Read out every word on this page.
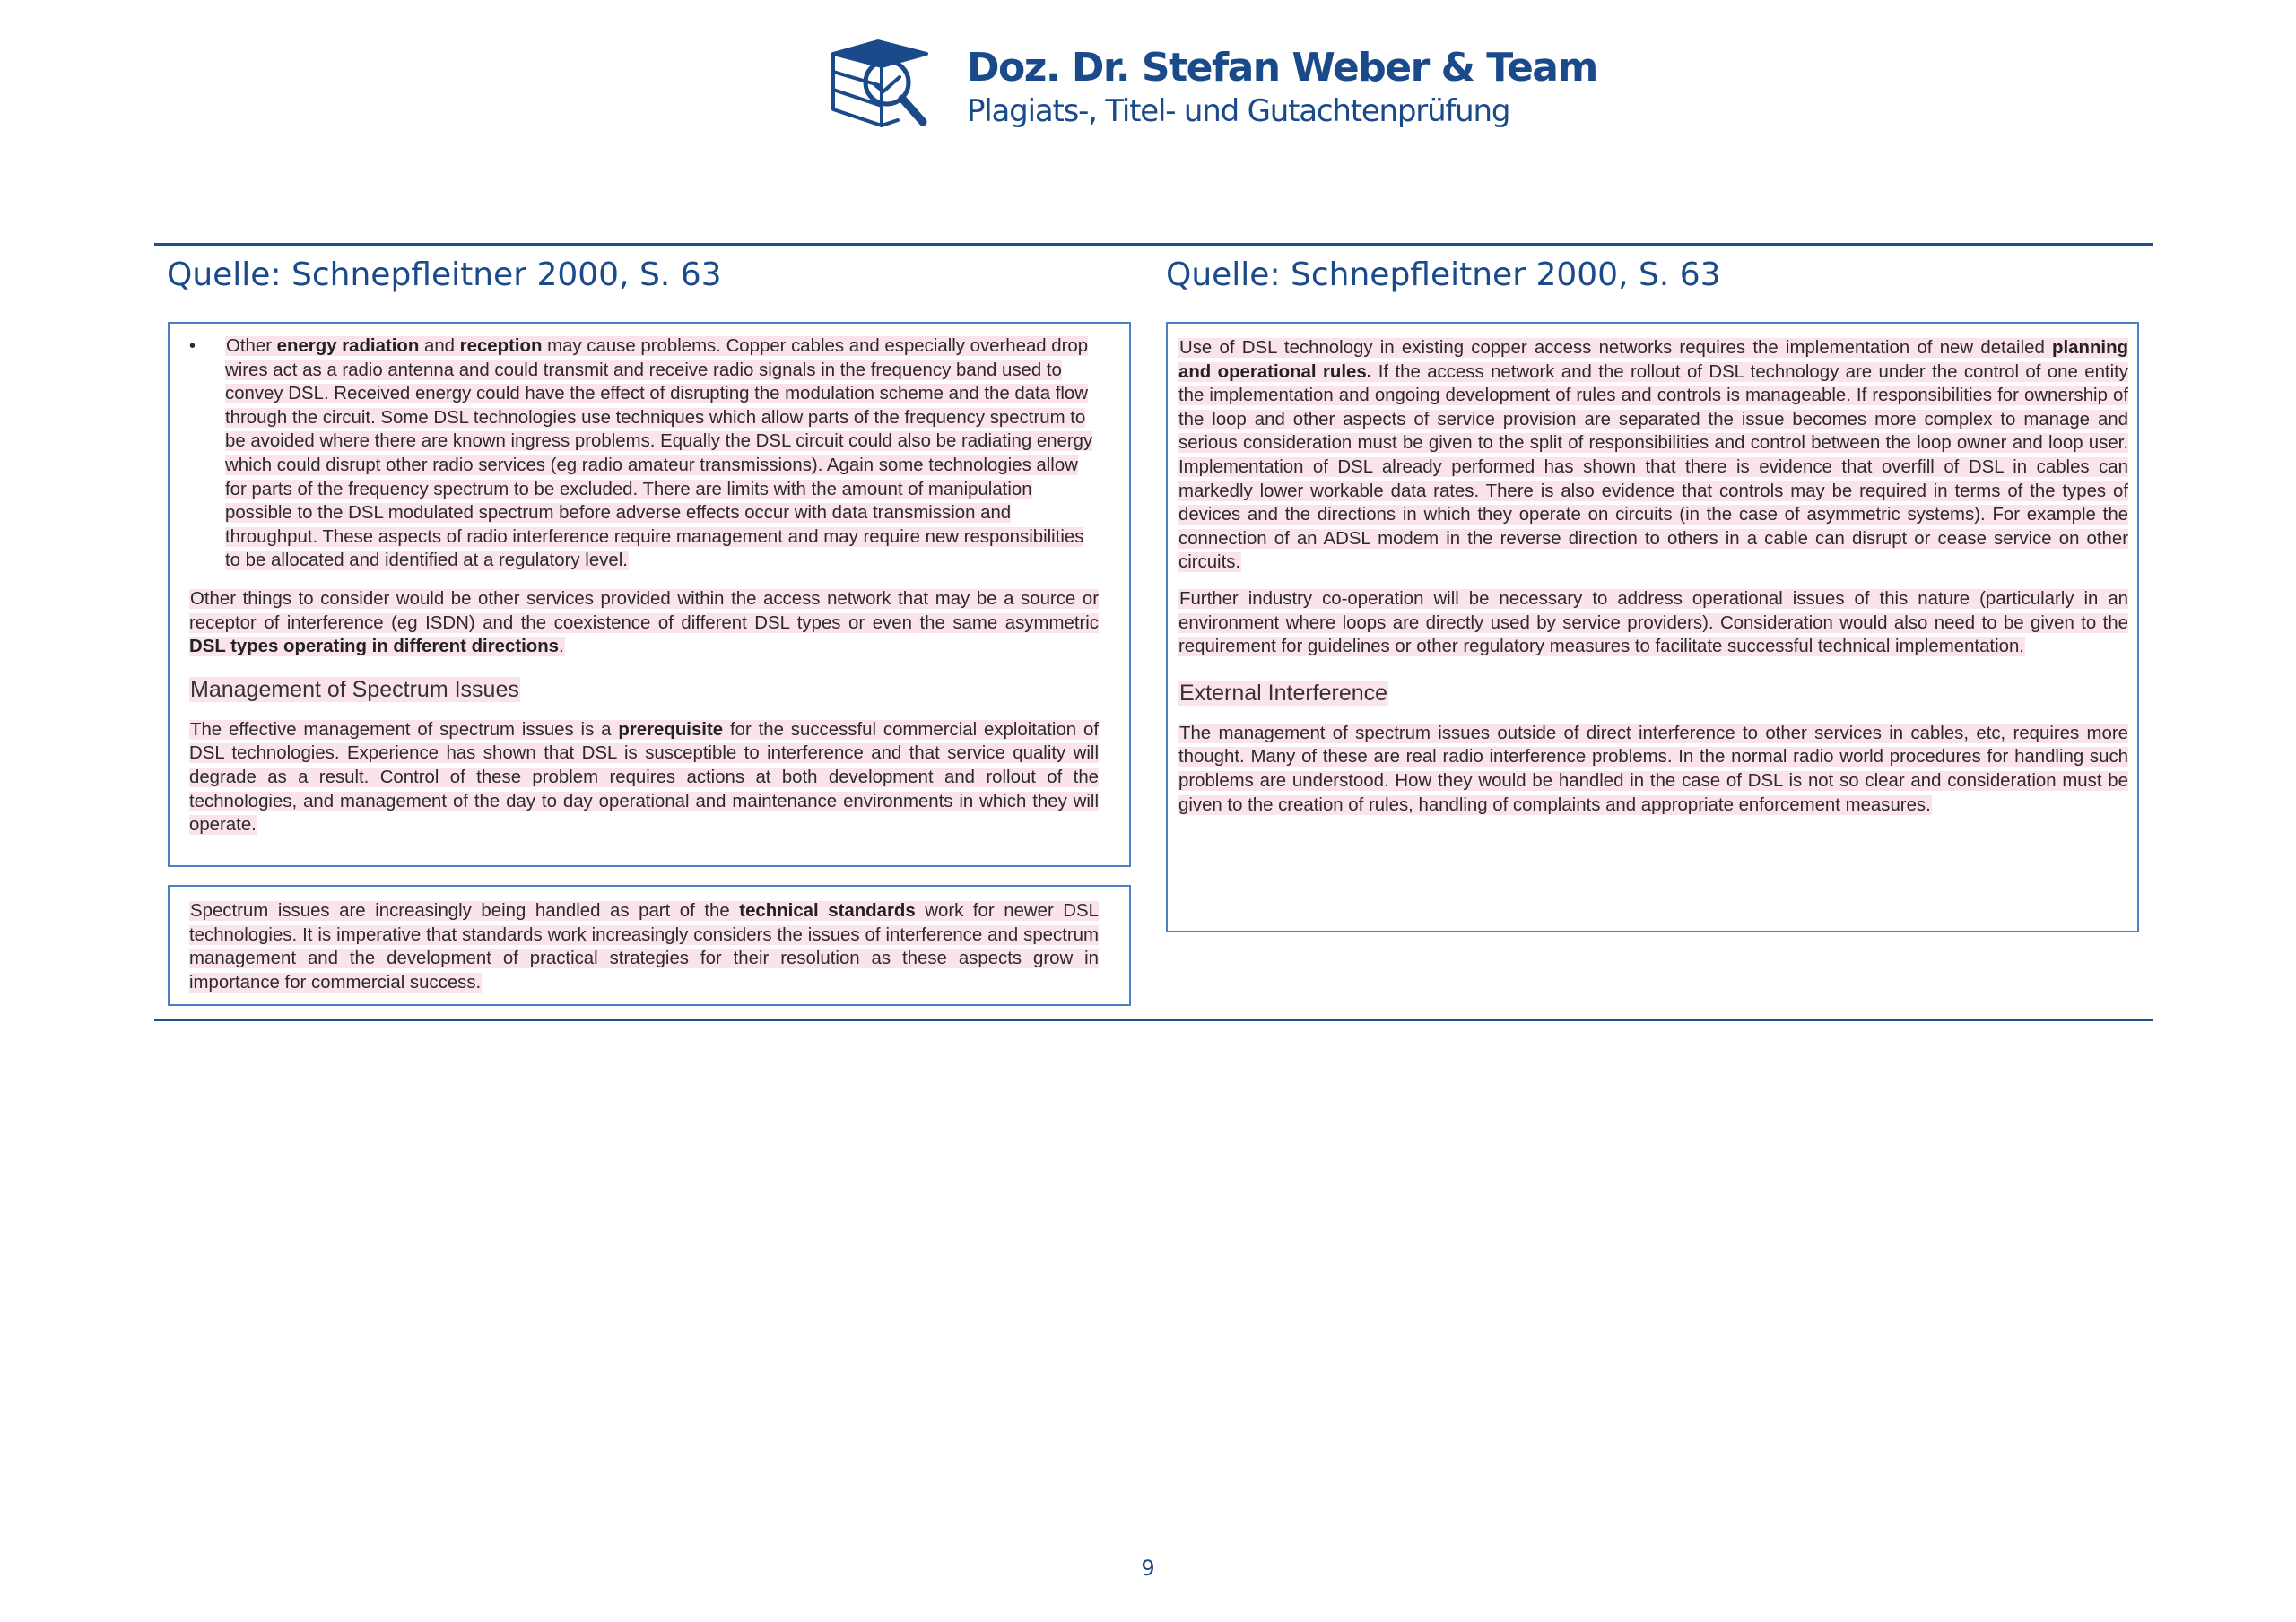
Doz. Dr. Stefan Weber & Team
Plagiats-, Titel- und Gutachtenprüfung
Quelle: Schnepfleitner 2000, S. 63	Quelle: Schnepfleitner 2000, S. 63
• Other energy radiation and reception may cause problems. Copper cables and especially overhead drop wires act as a radio antenna and could transmit and receive radio signals in the frequency band used to convey DSL. Received energy could have the effect of disrupting the modulation scheme and the data flow through the circuit. Some DSL technologies use techniques which allow parts of the frequency spectrum to be avoided where there are known ingress problems. Equally the DSL circuit could also be radiating energy which could disrupt other radio services (eg radio amateur transmissions). Again some technologies allow for parts of the frequency spectrum to be excluded. There are limits with the amount of manipulation possible to the DSL modulated spectrum before adverse effects occur with data transmission and throughput. These aspects of radio interference require management and may require new responsibilities to be allocated and identified at a regulatory level.

Other things to consider would be other services provided within the access network that may be a source or receptor of interference (eg ISDN) and the coexistence of different DSL types or even the same asymmetric DSL types operating in different directions.

Management of Spectrum Issues

The effective management of spectrum issues is a prerequisite for the successful commercial exploitation of DSL technologies. Experience has shown that DSL is susceptible to interference and that service quality will degrade as a result. Control of these problem requires actions at both development and rollout of the technologies, and management of the day to day operational and maintenance environments in which they will operate.

Spectrum issues are increasingly being handled as part of the technical standards work for newer DSL technologies. It is imperative that standards work increasingly considers the issues of interference and spectrum management and the development of practical strategies for their resolution as these aspects grow in importance for commercial success.

Use of DSL technology in existing copper access networks requires the implementation of new detailed planning and operational rules. If the access network and the rollout of DSL technology are under the control of one entity the implementation and ongoing development of rules and controls is manageable. If responsibilities for ownership of the loop and other aspects of service provision are separated the issue becomes more complex to manage and serious consideration must be given to the split of responsibilities and control between the loop owner and loop user. Implementation of DSL already performed has shown that there is evidence that overfill of DSL in cables can markedly lower workable data rates. There is also evidence that controls may be required in terms of the types of devices and the directions in which they operate on circuits (in the case of asymmetric systems). For example the connection of an ADSL modem in the reverse direction to others in a cable can disrupt or cease service on other circuits.

Further industry co-operation will be necessary to address operational issues of this nature (particularly in an environment where loops are directly used by service providers). Consideration would also need to be given to the requirement for guidelines or other regulatory measures to facilitate successful technical implementation.

External Interference

The management of spectrum issues outside of direct interference to other services in cables, etc, requires more thought. Many of these are real radio interference problems. In the normal radio world procedures for handling such problems are understood. How they would be handled in the case of DSL is not so clear and consideration must be given to the creation of rules, handling of complaints and appropriate enforcement measures.

9
